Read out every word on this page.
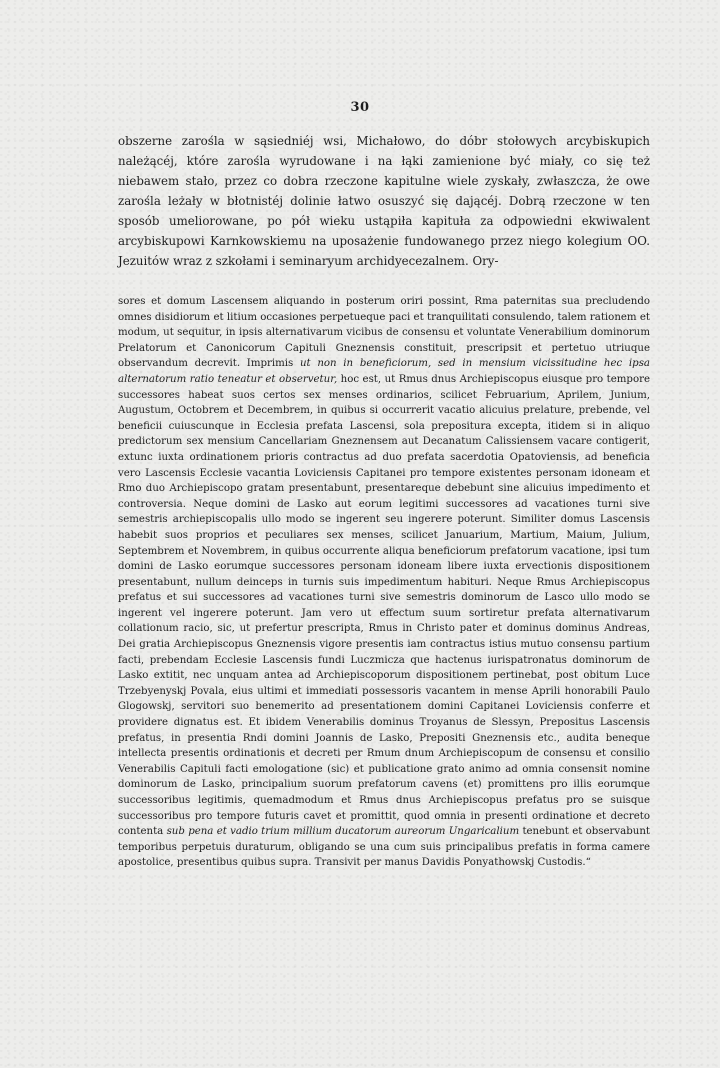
30

obszerne zarośla w sąsiedniéj wsi, Michałowo, do dóbr stołowych arcybiskupich należącéj, które zarośla wyrudowane i na łąki zamienione być miały, co się też niebawem stało, przez co dobra rzeczone kapitulne wiele zyskały, zwłaszcza, że owe zarośla leżały w błotnistéj dolinie łatwo osuszyć się dającéj. Dobrą rzeczone w ten sposób umeliorowane, po pół wieku ustąpiła kapituła za odpowiedni ekwiwalent arcybiskupowi Karnkowskiemu na uposażenie fundowanego przez niego kolegium OO. Jezuitów wraz z szkołami i seminaryum archidyecezalnem. Ory-

sores et domum Lascensem aliquando in posterum oriri possint, Rma paternitas sua precludendo omnes disidiorum et litium occasiones perpetueque paci et tranquilitati consulendo, talem rationem et modum, ut sequitur, in ipsis alternativarum vicibus de consensu et voluntate Venerabilium dominorum Prelatorum et Canonicorum Capituli Gneznensis constituit, prescripsit et pertetuo utriuque observandum decrevit. Imprimis ut non in beneficiorum, sed in mensium vicissitudine hec ipsa alternatorum ratio teneatur et observetur, hoc est, ut Rmus dnus Archiepiscopus eiusque pro tempore successores habeat suos certos sex menses ordinarios, scilicet Februarium, Aprilem, Junium, Augustum, Octobrem et Decembrem, in quibus si occurrerit vacatio alicuius prelature, prebende, vel beneficii cuiuscunque in Ecclesia prefata Lascensi, sola prepositura excepta, itidem si in aliquo predictorum sex mensium Cancellariam Gneznensem aut Decanatum Calissiensem vacare contigerit, extunc iuxta ordinationem prioris contractus ad duo prefata sacerdotia Opatoviensis, ad beneficia vero Lascensis Ecclesie vacantia Loviciensis Capitanei pro tempore existentes personam idoneam et Rmo duo Archiepiscopo gratam presentabunt, presentareque debebunt sine alicuius impedimento et controversia. Neque domini de Lasko aut eorum legitimi successores ad vacationes turni sive semestris archiepiscopalis ullo modo se ingerent seu ingerere poterunt. Similiter domus Lascensis habebit suos proprios et peculiares sex menses, scilicet Januarium, Martium, Maium, Julium, Septembrem et Novembrem, in quibus occurrente aliqua beneficiorum prefatorum vacatione, ipsi tum domini de Lasko eorumque successores personam idoneam libere iuxta ervectionis dispositionem presentabunt, nullum deinceps in turnis suis impedimentum habituri. Neque Rmus Archiepiscopus prefatus et sui successores ad vacationes turni sive semestris dominorum de Lasco ullo modo se ingerent vel ingerere poterunt. Jam vero ut effectum suum sortiretur prefata alternativarum collationum racio, sic, ut prefertur prescripta, Rmus in Christo pater et dominus dominus Andreas, Dei gratia Archiepiscopus Gneznensis vigore presentis iam contractus istius mutuo consensu partium facti, prebendam Ecclesie Lascensis fundi Luczmicza que hactenus iurispatronatus dominorum de Lasko extitit, nec unquam antea ad Archiepiscoporum dispositionem pertinebat, post obitum Luce Trzebyenyskj Povala, eius ultimi et immediati possessoris vacantem in mense Aprili honorabili Paulo Glogowskj, servitori suo benemerito ad presentationem domini Capitanei Loviciensis conferre et providere dignatus est. Et ibidem Venerabilis dominus Troyanus de Slessyn, Prepositus Lascensis prefatus, in presentia Rndi domini Joannis de Lasko, Prepositi Gneznensis etc., audita beneque intellecta presentis ordinationis et decreti per Rmum dnum Archiepiscopum de consensu et consilio Venerabilis Capituli facti emologatione (sic) et publicatione grato animo ad omnia consensit nomine dominorum de Lasko, principalium suorum prefatorum cavens (et) promittens pro illis eorumque successoribus legitimis, quemadmodum et Rmus dnus Archiepiscopus prefatus pro se suisque successoribus pro tempore futuris cavet et promittit, quod omnia in presenti ordinatione et decreto contenta sub pena et vadio trium millium ducatorum aureorum Ungaricalium tenebunt et observabunt temporibus perpetuis duraturum, obligando se una cum suis principalibus prefatis in forma camere apostolice, presentibus quibus supra. Transivit per manus Davidis Ponyathowskj Custodis.“
